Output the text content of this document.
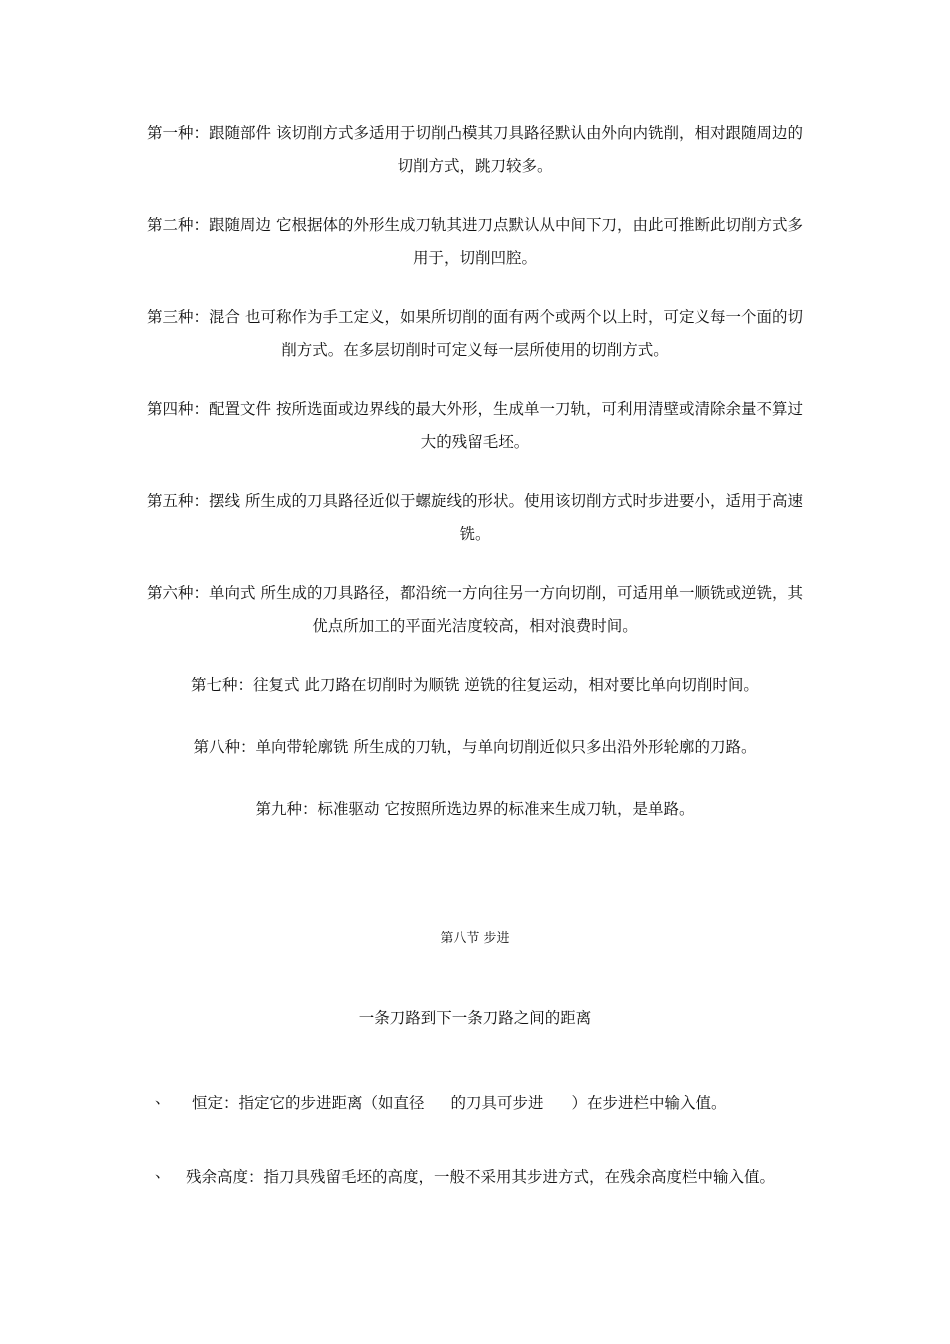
第一种：跟随部件 该切削方式多适用于切削凸模其刀具路径默认由外向内铣削，相对跟随周边的切削方式，跳刀较多。
第二种：跟随周边 它根据体的外形生成刀轨其进刀点默认从中间下刀，由此可推断此切削方式多用于，切削凹腔。
第三种：混合 也可称作为手工定义，如果所切削的面有两个或两个以上时，可定义每一个面的切削方式。在多层切削时可定义每一层所使用的切削方式。
第四种：配置文件 按所选面或边界线的最大外形，生成单一刀轨，可利用清壁或清除余量不算过大的残留毛坯。
第五种：摆线 所生成的刀具路径近似于螺旋线的形状。使用该切削方式时步进要小，适用于高速铣。
第六种：单向式 所生成的刀具路径，都沿统一方向往另一方向切削，可适用单一顺铣或逆铣，其优点所加工的平面光洁度较高，相对浪费时间。
第七种：往复式 此刀路在切削时为顺铣 逆铣的往复运动，相对要比单向切削时间。
第八种：单向带轮廓铣 所生成的刀轨，与单向切削近似只多出沿外形轮廓的刀路。
第九种：标准驱动 它按照所选边界的标准来生成刀轨，是单路。
第八节 步进
一条刀路到下一条刀路之间的距离
、 恒定：指定它的步进距离（如直径 的刀具可步进 ）在步进栏中输入值。
、 残余高度：指刀具残留毛坯的高度，一般不采用其步进方式，在残余高度栏中输入值。
